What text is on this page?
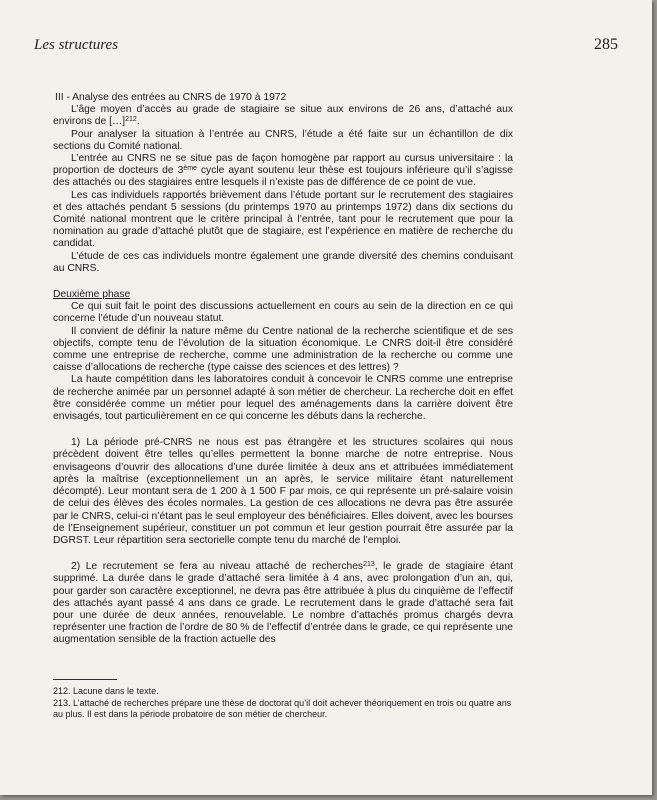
Les structures	285

III - Analyse des entrées au CNRS de 1970 à 1972

L’âge moyen d’accès au grade de stagiaire se situe aux environs de 26 ans, d’attaché aux environs de […]$^{212}$.

Pour analyser la situation à l’entrée au CNRS, l’étude a été faite sur un échantillon de dix sections du Comité national.

L’entrée au CNRS ne se situe pas de façon homogène par rapport au cursus universitaire : la proportion de docteurs de 3ème cycle ayant soutenu leur thèse est toujours inférieure qu’il s’agisse des attachés ou des stagiaires entre lesquels il n’existe pas de différence de ce point de vue.

Les cas individuels rapportés brièvement dans l’étude portant sur le recrutement des stagiaires et des attachés pendant 5 sessions (du printemps 1970 au printemps 1972) dans dix sections du Comité national montrent que le critère principal à l’entrée, tant pour le recrutement que pour la nomination au grade d’attaché plutôt que de stagiaire, est l’expérience en matière de recherche du candidat.

L’étude de ces cas individuels montre également une grande diversité des chemins conduisant au CNRS.

Deuxième phase

Ce qui suit fait le point des discussions actuellement en cours au sein de la direction en ce qui concerne l’étude d’un nouveau statut.

Il convient de définir la nature même du Centre national de la recherche scientifique et de ses objectifs, compte tenu de l’évolution de la situation économique. Le CNRS doit-il être considéré comme une entreprise de recherche, comme une administration de la recherche ou comme une caisse d’allocations de recherche (type caisse des sciences et des lettres) ?

La haute compétition dans les laboratoires conduit à concevoir le CNRS comme une entreprise de recherche animée par un personnel adapté à son métier de chercheur. La recherche doit en effet être considérée comme un métier pour lequel des aménagements dans la carrière doivent être envisagés, tout particulièrement en ce qui concerne les débuts dans la recherche.

1) La période pré-CNRS ne nous est pas étrangère et les structures scolaires qui nous précèdent doivent être telles qu’elles permettent la bonne marche de notre entreprise. Nous envisageons d’ouvrir des allocations d’une durée limitée à deux ans et attribuées immédiatement après la maîtrise (exceptionnellement un an après, le service militaire étant naturellement décompté). Leur montant sera de 1 200 à 1 500 F par mois, ce qui représente un pré-salaire voisin de celui des élèves des écoles normales. La gestion de ces allocations ne devra pas être assurée par le CNRS, celui-ci n’étant pas le seul employeur des bénéficiaires. Elles doivent, avec les bourses de l’Enseignement supérieur, constituer un pot commun et leur gestion pourrait être assurée par la DGRST. Leur répartition sera sectorielle compte tenu du marché de l’emploi.

2) Le recrutement se fera au niveau attaché de recherches$^{213}$, le grade de stagiaire étant supprimé. La durée dans le grade d’attaché sera limitée à 4 ans, avec prolongation d’un an, qui, pour garder son caractère exceptionnel, ne devra pas être attribuée à plus du cinquième de l’effectif des attachés ayant passé 4 ans dans ce grade. Le recrutement dans le grade d’attaché sera fait pour une durée de deux années, renouvelable. Le nombre d’attachés promus chargés devra représenter une fraction de l’ordre de 80 % de l’effectif d’entrée dans le grade, ce qui représente une augmentation sensible de la fraction actuelle des

212. Lacune dans le texte.

213. L’attaché de recherches prépare une thèse de doctorat qu’il doit achever théoriquement en trois ou quatre ans au plus. Il est dans la période probatoire de son métier de chercheur.
